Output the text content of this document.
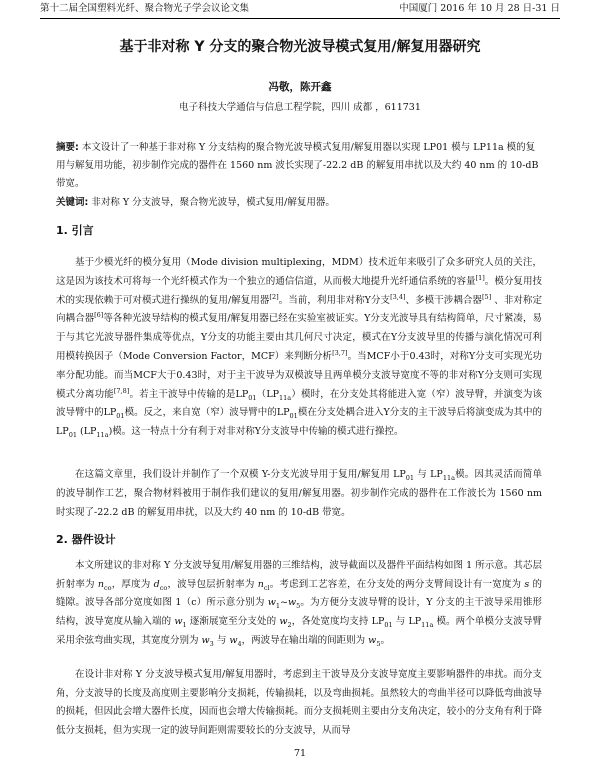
第十二届全国塑料光纤、聚合物光子学会议论文集	中国厦门 2016 年 10 月 28 日-31 日
基于非对称 Y 分支的聚合物光波导模式复用/解复用器研究
冯敬，陈开鑫
电子科技大学通信与信息工程学院，四川 成都 ，611731
摘要: 本文设计了一种基于非对称 Y 分支结构的聚合物光波导模式复用/解复用器以实现 LP01 模与 LP11a 模的复用与解复用功能，初步制作完成的器件在 1560 nm 波长实现了-22.2 dB 的解复用串扰以及大约 40 nm 的 10-dB 带宽。
关键词: 非对称 Y 分支波导，聚合物光波导，模式复用/解复用器。
1. 引言

基于少模光纤的模分复用（Mode division multiplexing，MDM）技术近年来吸引了众多研究人员的关注，这是因为该技术可将每一个光纤模式作为一个独立的通信信道，从而极大地提升光纤通信系统的容量[1]。模分复用技术的实现依赖于可对模式进行操纵的复用/解复用器[2]。当前，利用非对称Y分支[3,4]、多模干涉耦合器[5] 、非对称定向耦合器[6]等各种光波导结构的模式复用/解复用器已经在实验室被证实。Y分支光波导具有结构简单，尺寸紧凑，易于与其它光波导器件集成等优点，Y分支的功能主要由其几何尺寸决定，模式在Y分支波导里的传播与演化情况可利用模转换因子（Mode Conversion Factor，MCF）来判断分析[3,7]。当MCF小于0.43时，对称Y分支可实现光功率分配功能。而当MCF大于0.43时，对于主干波导为双模波导且两单模分支波导宽度不等的非对称Y分支则可实现模式分离功能[7,8]。若主干波导中传输的是$LP_{01}(LP_{11a})$模时，在分支处其将能进入宽（窄）波导臂，并演变为该波导臂中的$LP_{01}$模。反之，来自宽（窄）波导臂中的$LP_{01}$模在分支处耦合进入Y分支的主干波导后将演变成为其中的$LP_{01}$ $(LP_{11a})$模。这一特点十分有利于对非对称Y分支波导中传输的模式进行操控。

在这篇文章里，我们设计并制作了一个双模 Y-分支光波导用于复用/解复用 $LP_{01}$ 与 $LP_{11a}$模。因其灵活而简单的波导制作工艺，聚合物材料被用于制作我们建议的复用/解复用器。初步制作完成的器件在工作波长为 1560 nm 时实现了-22.2 dB 的解复用串扰，以及大约 40 nm 的 10-dB 带宽。

2. 器件设计

本文所建议的非对称 Y 分支波导复用/解复用器的三维结构，波导截面以及器件平面结构如图 1 所示意。其芯层折射率为 $n_{co}$，厚度为 $d_{co}$，波导包层折射率为 $n_{cl}$。考虑到工艺容差，在分支处的两分支臂间设计有一宽度为 s 的缝隙。波导各部分宽度如图 1（c）所示意分别为 $w_1\sim w_5$。为方便分支波导臂的设计，Y 分支的主干波导采用锥形结构，波导宽度从输入端的 $w_1$ 逐渐展宽至分支处的 $w_2$，各处宽度均支持 $LP_{01}$ 与 $LP_{11a}$ 模。两个单模分支波导臂采用余弦弯曲实现，其宽度分别为 $w_3$ 与 $w_4$，两波导在输出端的间距则为 $w_5$。

在设计非对称 Y 分支波导模式复用/解复用器时，考虑到主干波导及分支波导宽度主要影响器件的串扰。而分支角，分支波导的长度及高度则主要影响分支损耗，传输损耗，以及弯曲损耗。虽然较大的弯曲半径可以降低弯曲波导的损耗，但因此会增大器件长度，因而也会增大传输损耗。而分支损耗则主要由分支角决定，较小的分支角有利于降低分支损耗，但为实现一定的波导间距则需要较长的分支波导，从而导

71
